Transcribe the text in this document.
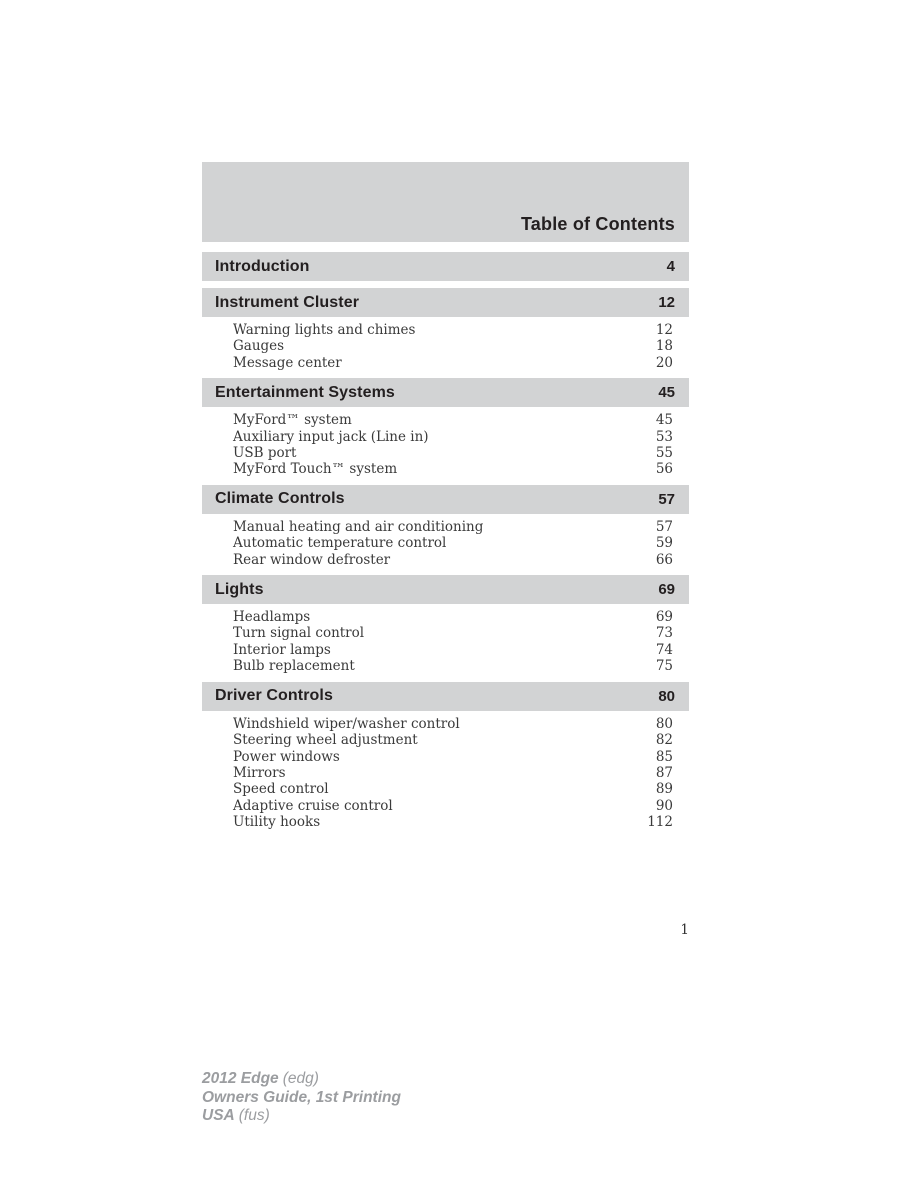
Table of Contents
Introduction	4
Instrument Cluster	12
Warning lights and chimes	12
Gauges	18
Message center	20
Entertainment Systems	45
MyFord™ system	45
Auxiliary input jack (Line in)	53
USB port	55
MyFord Touch™ system	56
Climate Controls	57
Manual heating and air conditioning	57
Automatic temperature control	59
Rear window defroster	66
Lights	69
Headlamps	69
Turn signal control	73
Interior lamps	74
Bulb replacement	75
Driver Controls	80
Windshield wiper/washer control	80
Steering wheel adjustment	82
Power windows	85
Mirrors	87
Speed control	89
Adaptive cruise control	90
Utility hooks	112
1
2012 Edge (edg)
Owners Guide, 1st Printing
USA (fus)
